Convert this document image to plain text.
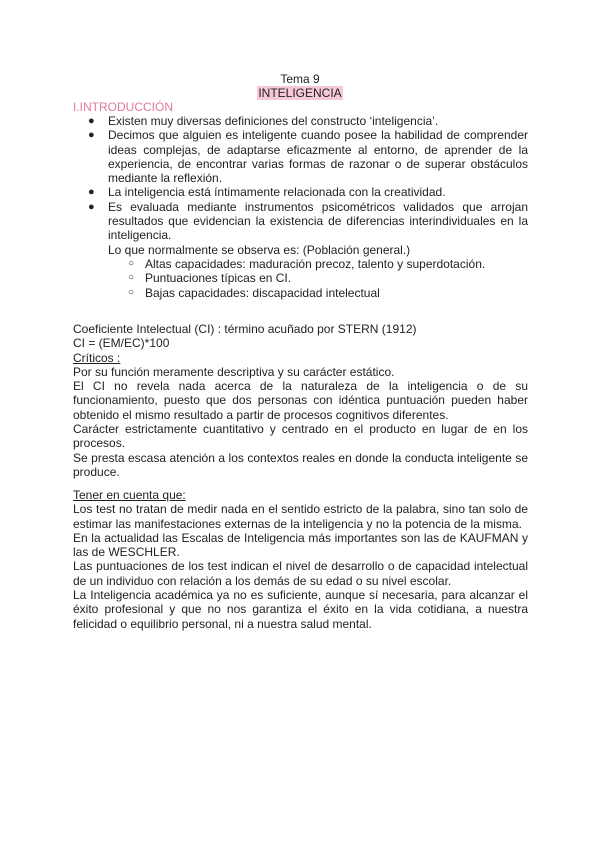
Tema 9
INTELIGENCIA
I.INTRODUCCIÓN
● Existen muy diversas definiciones del constructo ‘inteligencia’.
● Decimos que alguien es inteligente cuando posee la habilidad de comprender ideas complejas, de adaptarse eficazmente al entorno, de aprender de la experiencia, de encontrar varias formas de razonar o de superar obstáculos mediante la reflexión.
● La inteligencia está íntimamente relacionada con la creatividad.
● Es evaluada mediante instrumentos psicométricos validados que arrojan resultados que evidencian la existencia de diferencias interindividuales en la inteligencia.
Lo que normalmente se observa es: (Población general.)
○ Altas capacidades: maduración precoz, talento y superdotación.
○ Puntuaciones típicas en CI.
○ Bajas capacidades: discapacidad intelectual

Coeficiente Intelectual (CI) : término acuñado por STERN (1912)

CI = (EM/EC)*100

Críticos :

Por su función meramente descriptiva y su carácter estático.

El CI no revela nada acerca de la naturaleza de la inteligencia o de su funcionamiento, puesto que dos personas con idéntica puntuación pueden haber obtenido el mismo resultado a partir de procesos cognitivos diferentes.

Carácter estrictamente cuantitativo y centrado en el producto en lugar de en los procesos.

Se presta escasa atención a los contextos reales en donde la conducta inteligente se produce.

Tener en cuenta que:

Los test no tratan de medir nada en el sentido estricto de la palabra, sino tan solo de estimar las manifestaciones externas de la inteligencia y no la potencia de la misma.

En la actualidad las Escalas de Inteligencia más importantes son las de KAUFMAN y las de WESCHLER.

Las puntuaciones de los test indican el nivel de desarrollo o de capacidad intelectual de un individuo con relación a los demás de su edad o su nivel escolar.

La Inteligencia académica ya no es suficiente, aunque sí necesaria, para alcanzar el éxito profesional y que no nos garantiza el éxito en la vida cotidiana, a nuestra felicidad o equilibrio personal, ni a nuestra salud mental.
